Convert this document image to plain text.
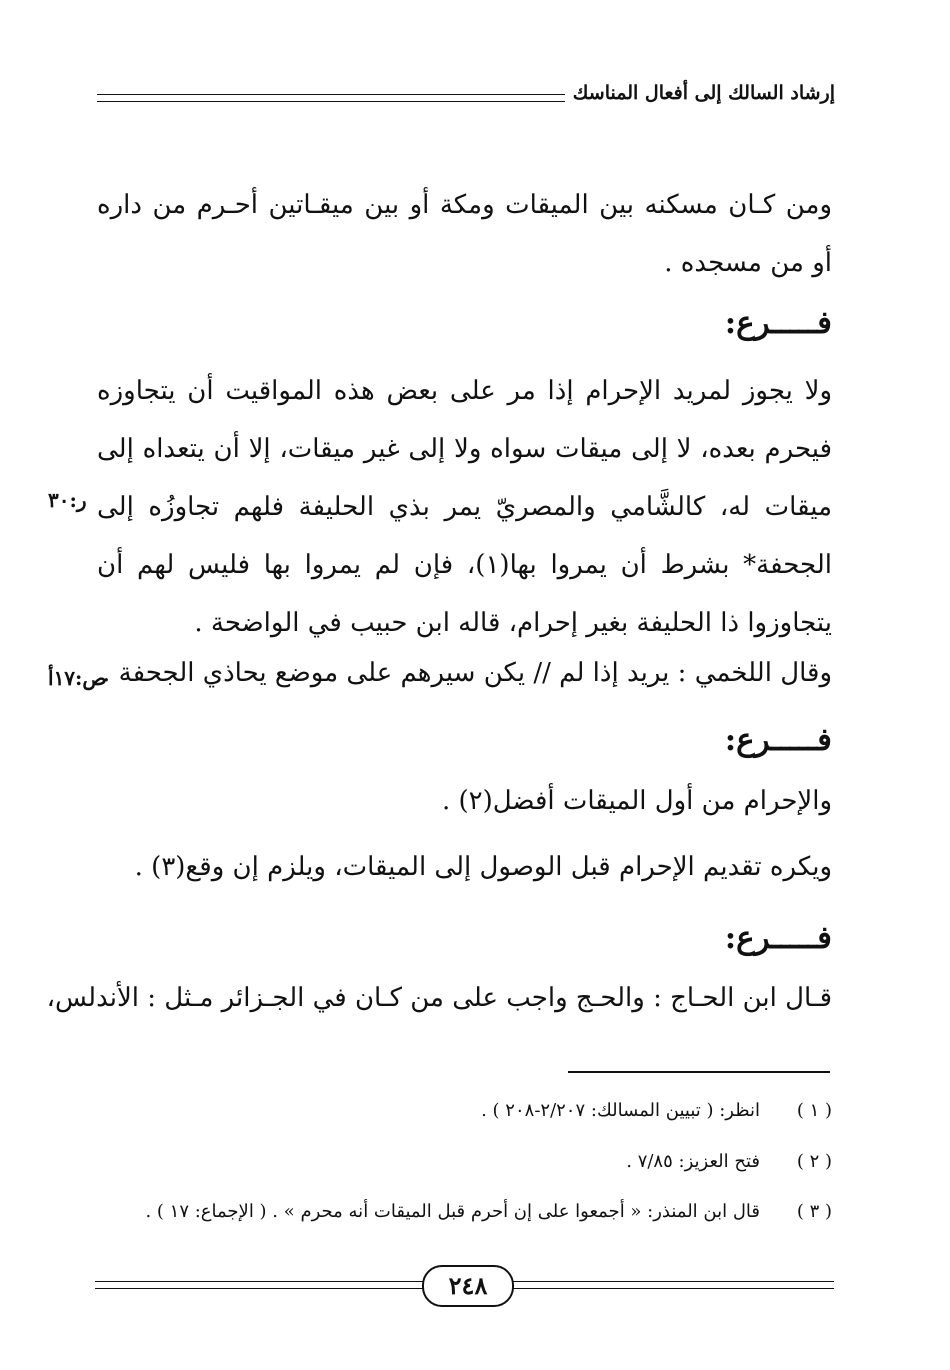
إرشاد السالك إلى أفعال المناسك
ومن كـان مسكنه بين الميقات ومكة أو بين ميقـاتين أحـرم من داره أو من مسجده .
فـــــرع:
ولا يجوز لمريد الإحرام إذا مر على بعض هذه المواقيت أن يتجاوزه فيحرم بعده، لا إلى ميقات سواه ولا إلى غير ميقات، إلا أن يتعداه إلى ميقات له، كالشَّامي والمصريّ يمر بذي الحليفة فلهم تجاوزُه إلى الجحفة* بشرط أن يمروا بها(١)، فإن لم يمروا بها فليس لهم أن يتجاوزوا ذا الحليفة بغير إحرام، قاله ابن حبيب في الواضحة .
ر:٣٠
وقال اللخمي : يريد إذا لم // يكن سيرهم على موضع يحاذي الجحفة .
ص:١٧أ
فـــــرع:
والإحرام من أول الميقات أفضل(٢) .
ويكره تقديم الإحرام قبل الوصول إلى الميقات، ويلزم إن وقع(٣) .
فـــــرع:
قـال ابن الحـاج : والحـج واجب على من كـان في الجـزائر مـثل : الأندلس،
( ١ )
انظر: ( تبيين المسالك: ٢/٢٠٧-٢٠٨ ) .
( ٢ )
فتح العزيز: ٧/٨٥ .
( ٣ )
قال ابن المنذر: « أجمعوا على إن أحرم قبل الميقات أنه محرم » . ( الإجماع: ١٧ ) .
٢٤٨
